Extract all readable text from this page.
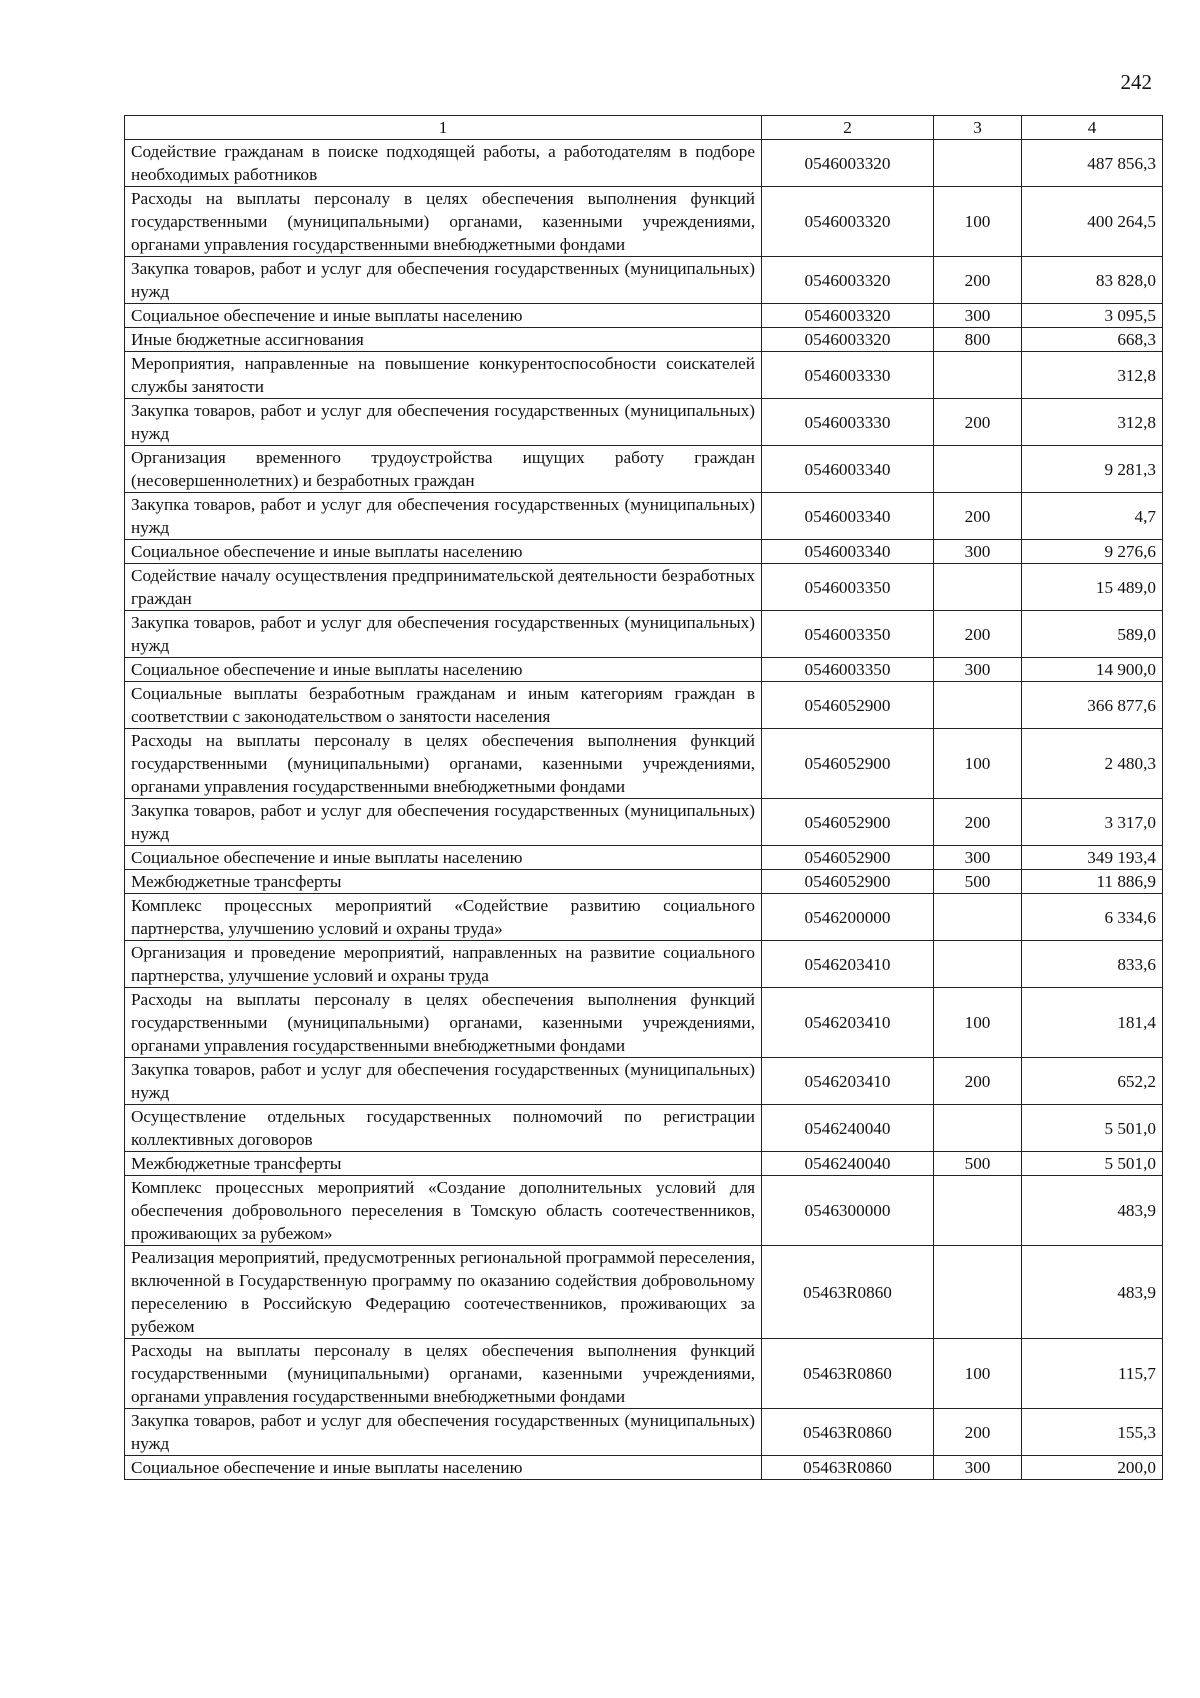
242
1	2	3	4
Содействие гражданам в поиске подходящей работы, а работодателям в подборе необходимых работников	0546003320		487 856,3
Расходы на выплаты персоналу в целях обеспечения выполнения функций государственными (муниципальными) органами, казенными учреждениями, органами управления государственными внебюджетными фондами	0546003320	100	400 264,5
Закупка товаров, работ и услуг для обеспечения государственных (муниципальных) нужд	0546003320	200	83 828,0
Социальное обеспечение и иные выплаты населению	0546003320	300	3 095,5
Иные бюджетные ассигнования	0546003320	800	668,3
Мероприятия, направленные на повышение конкурентоспособности соискателей службы занятости	0546003330		312,8
Закупка товаров, работ и услуг для обеспечения государственных (муниципальных) нужд	0546003330	200	312,8
Организация временного трудоустройства ищущих работу граждан (несовершеннолетних) и безработных граждан	0546003340		9 281,3
Закупка товаров, работ и услуг для обеспечения государственных (муниципальных) нужд	0546003340	200	4,7
Социальное обеспечение и иные выплаты населению	0546003340	300	9 276,6
Содействие началу осуществления предпринимательской деятельности безработных граждан	0546003350		15 489,0
Закупка товаров, работ и услуг для обеспечения государственных (муниципальных) нужд	0546003350	200	589,0
Социальное обеспечение и иные выплаты населению	0546003350	300	14 900,0
Социальные выплаты безработным гражданам и иным категориям граждан в соответствии с законодательством о занятости населения	0546052900		366 877,6
Расходы на выплаты персоналу в целях обеспечения выполнения функций государственными (муниципальными) органами, казенными учреждениями, органами управления государственными внебюджетными фондами	0546052900	100	2 480,3
Закупка товаров, работ и услуг для обеспечения государственных (муниципальных) нужд	0546052900	200	3 317,0
Социальное обеспечение и иные выплаты населению	0546052900	300	349 193,4
Межбюджетные трансферты	0546052900	500	11 886,9
Комплекс процессных мероприятий «Содействие развитию социального партнерства, улучшению условий и охраны труда»	0546200000		6 334,6
Организация и проведение мероприятий, направленных на развитие социального партнерства, улучшение условий и охраны труда	0546203410		833,6
Расходы на выплаты персоналу в целях обеспечения выполнения функций государственными (муниципальными) органами, казенными учреждениями, органами управления государственными внебюджетными фондами	0546203410	100	181,4
Закупка товаров, работ и услуг для обеспечения государственных (муниципальных) нужд	0546203410	200	652,2
Осуществление отдельных государственных полномочий по регистрации коллективных договоров	0546240040		5 501,0
Межбюджетные трансферты	0546240040	500	5 501,0
Комплекс процессных мероприятий «Создание дополнительных условий для обеспечения добровольного переселения в Томскую область соотечественников, проживающих за рубежом»	0546300000		483,9
Реализация мероприятий, предусмотренных региональной программой переселения, включенной в Государственную программу по оказанию содействия добровольному переселению в Российскую Федерацию соотечественников, проживающих за рубежом	05463R0860		483,9
Расходы на выплаты персоналу в целях обеспечения выполнения функций государственными (муниципальными) органами, казенными учреждениями, органами управления государственными внебюджетными фондами	05463R0860	100	115,7
Закупка товаров, работ и услуг для обеспечения государственных (муниципальных) нужд	05463R0860	200	155,3
Социальное обеспечение и иные выплаты населению	05463R0860	300	200,0
